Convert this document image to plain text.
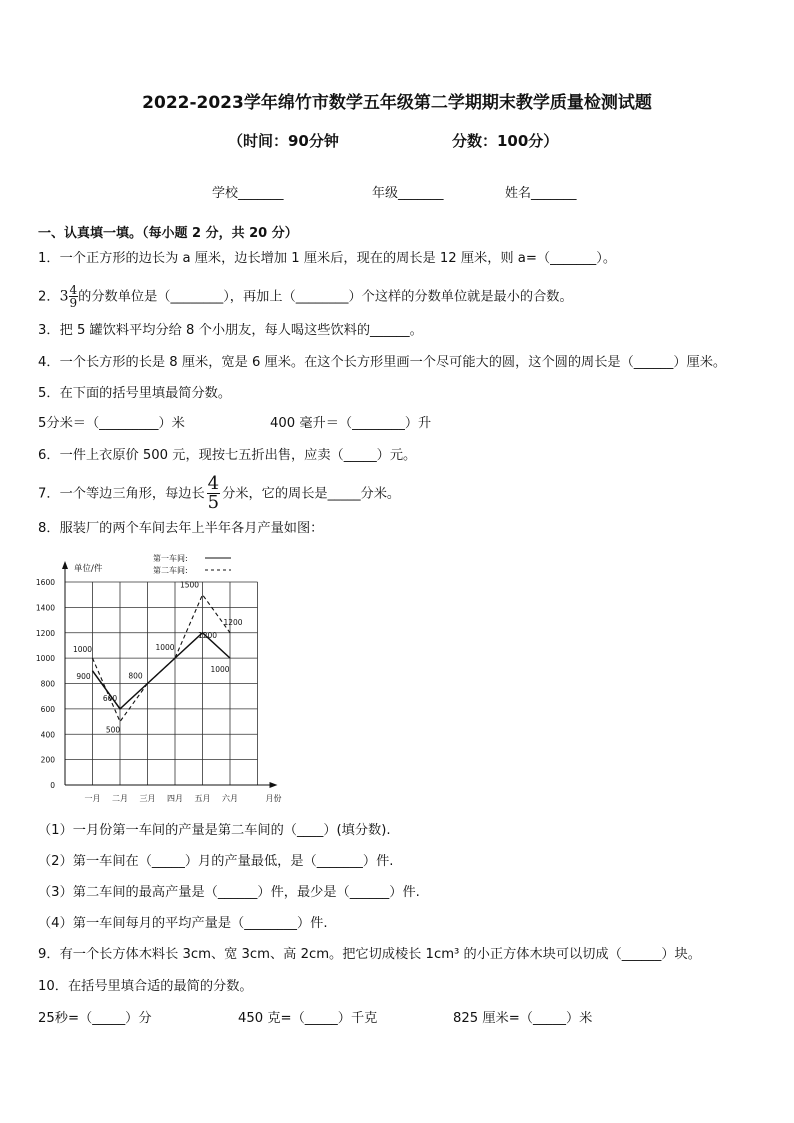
2022-2023学年绵竹市数学五年级第二学期期末教学质量检测试题
（时间：90分钟	分数：100分）
学校_______	年级_______	姓名_______
一、认真填一填。（每小题 2 分，共 20 分）
1．一个正方形的边长为 a 厘米，边长增加 1 厘米后，现在的周长是 12 厘米，则 a=（_______）。
2．$3 \frac{4}{9}$ 的分数单位是（________），再加上（________）个这样的分数单位就是最小的合数。
3．把 5 罐饮料平均分给 8 个小朋友，每人喝这些饮料的______。
4．一个长方形的长是 8 厘米，宽是 6 厘米。在这个长方形里画一个尽可能大的圆，这个圆的周长是（______）厘米。
5．在下面的括号里填最简分数。
5分米＝（_________）米	400 毫升＝（________）升
6．一件上衣原价 500 元，现按七五折出售，应卖（_____）元。
7．一个等边三角形，每边长 $\frac{4}{5}$ 分米，它的周长是_____分米。
8．服装厂的两个车间去年上半年各月产量如图：
0
200
400
600
800
1000
1200
1400
1600
单位/件
一月 二月 三月 四月 五月 六月	月份
第一车间:
第二车间:
900
600
800
1000
1200
1000
1000
500
1500
1200
（1）一月份第一车间的产量是第二车间的（____）(填分数).
（2）第一车间在（_____）月的产量最低，是（_______）件.
（3）第二车间的最高产量是（______）件，最少是（______）件.
（4）第一车间每月的平均产量是（________）件.
9．有一个长方体木料长 3cm、宽 3cm、高 2cm。把它切成棱长 1cm³ 的小正方体木块可以切成（______）块。
10．在括号里填合适的最简的分数。
25秒=（_____）分	450 克=（_____）千克	825 厘米=（_____）米
